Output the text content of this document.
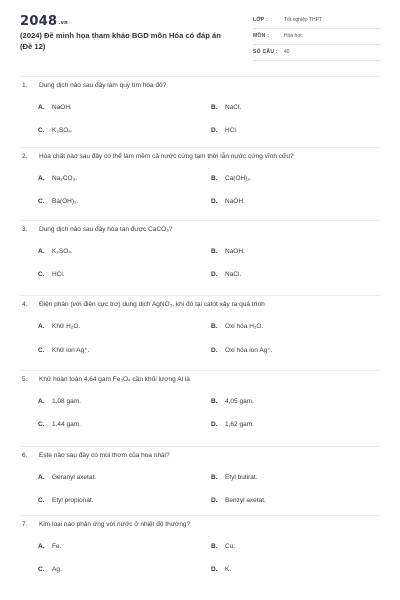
2048.vn
(2024) Đề minh họa tham khảo BGD môn Hóa có đáp án
(Đề 12)
LỚP :	Tốt nghiệp THPT
MÔN :	Hóa học
SỐ CÂU : 40
1. Dung dịch nào sau đây làm quỳ tím hóa đỏ?
A. NaOH.	B. NaCl.
C. K₂SO₄.	D. HCl.
2. Hóa chất nào sau đây có thể làm mềm cả nước cứng tạm thời lẫn nước cứng vĩnh cửu?
A. Na₂CO₃.	B. Ca(OH)₂.
C. Ba(OH)₂.	D. NaOH.
3. Dung dịch nào sau đây hòa tan được CaCO₃?
A. K₂SO₄.	B. NaOH.
C. HCl.	D. NaCl.
4. Điện phân (với điện cực trơ) dung dịch AgNO₃, khi đó tại catot xảy ra quá trình
A. Khử H₂O.	B. Oxi hóa H₂O.
C. Khử ion Ag⁺.	D. Oxi hóa ion Ag⁺.
5. Khử hoàn toàn 4,64 gam Fe₃O₄ cần khối lượng Al là
A. 1,08 gam.	B. 4,05 gam.
C. 1,44 gam.	D. 1,62 gam.
6. Este nào sau đây có mùi thơm của hoa nhài?
A. Geranyl axetat.	B. Etyl butirat.
C. Etyl propionat.	D. Benzyl axetat.
7. Kim loại nào phản ứng với nước ở nhiệt độ thường?
A. Fe.	B. Cu.
C. Ag.	D. K.
